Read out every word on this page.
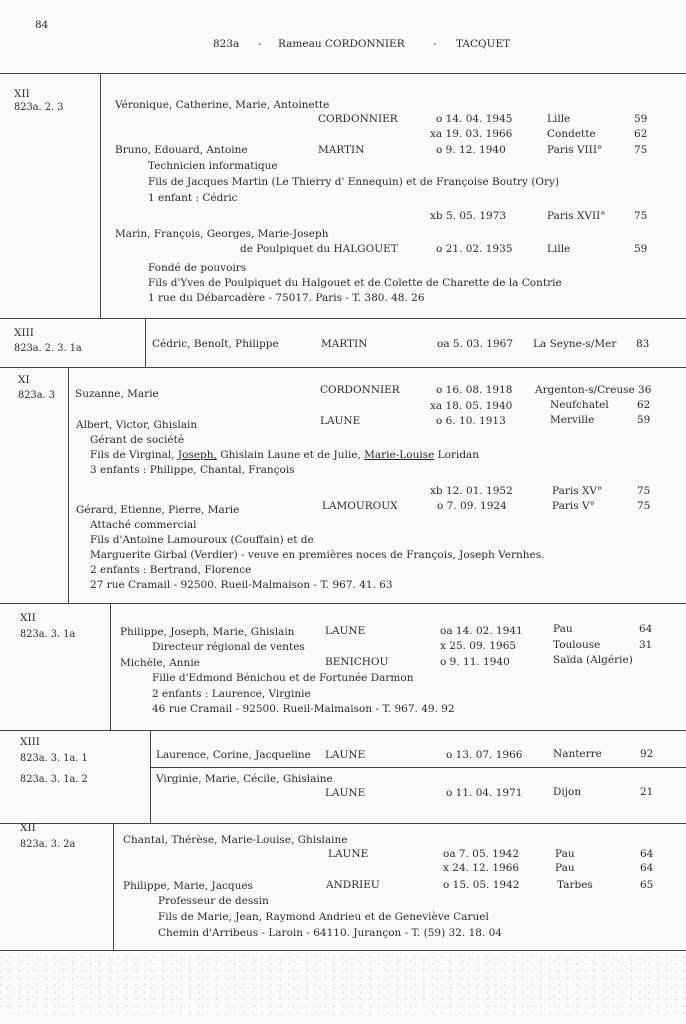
84
823a - Rameau CORDONNIER	- TACQUET
XII
823a. 2. 3	Véronique, Catherine, Marie, Antoinette
CORDONNIER	o 14. 04. 1945	Lille	59
xa 19. 03. 1966	Condette	62
Bruno, Edouard, Antoine	MARTIN	o 9. 12. 1940	Paris VIII°	75
Technicien informatique
Fils de Jacques Martin (Le Thierry d' Ennequin) et de Françoise Boutry (Ory)
1 enfant : Cédric
xb 5. 05. 1973	Paris XVII°	75
Marin, François, Georges, Marie-Joseph
de Poulpiquet du HALGOUET	o 21. 02. 1935	Lille	59
Fondé de pouvoirs
Fils d'Yves de Poulpiquet du Halgouet et de Colette de Charette de la Contrie
1 rue du Débarcadère - 75017. Paris - T. 380. 48. 26
XIII
823a. 2. 3. 1a	Cédric, Benoît, Philippe	MARTIN	oa 5. 03. 1967 La Seyne-s/Mer 83
XI
823a. 3 Suzanne, Marie	CORDONNIER	o 16. 08. 1918 Argenton-s/Creuse 36
xa 18. 05. 1940	Neufchatel	62
Albert, Victor, Ghislain	LAUNE	o 6. 10. 1913	Merville	59
Gérant de société
Fils de Virginal, Joseph, Ghislain Laune et de Julie, Marie-Louise Loridan
3 enfants : Philippe, Chantal, François
xb 12. 01. 1952	Paris XV°	75
Gérard, Etienne, Pierre, Marie	LAMOUROUX	o 7. 09. 1924	Paris V°	75
Attaché commercial
Fils d'Antoine Lamouroux (Couffain) et de
Marguerite Girbal (Verdier) - veuve en premières noces de François, Joseph Vernhes.
2 enfants : Bertrand, Florence
27 rue Cramail - 92500. Rueil-Malmaison - T. 967. 41. 63
XII
823a. 3. 1a	Philippe, Joseph, Marie, Ghislain	LAUNE	oa 14. 02. 1941	Pau	64
Directeur régional de ventes	x 25. 09. 1965	Toulouse	31
Michèle, Annie	BENICHOU	o 9. 11. 1940	Saïda (Algérie)
Fille d'Edmond Bénichou et de Fortunée Darmon
2 enfants : Laurence, Virginie
46 rue Cramail - 92500. Rueil-Malmaison - T. 967. 49. 92
XIII
823a. 3. 1a. 1	Laurence, Corine, Jacqueline LAUNE	o 13. 07. 1966	Nanterre	92
823a. 3. 1a. 2	Virginie, Marie, Cécile, Ghislaine
LAUNE	o 11. 04. 1971	Dijon	21
XII
823a. 3. 2a	Chantal, Thérèse, Marie-Louise, Ghislaine
LAUNE	oa 7. 05. 1942	Pau	64
x 24. 12. 1966	Pau	64
Philippe, Marie, Jacques	ANDRIEU	o 15. 05. 1942	Tarbes	65
Professeur de dessin
Fils de Marie, Jean, Raymond Andrieu et de Geneviève Caruel
Chemin d'Arribeus - Laroin - 64110. Jurançon - T. (59) 32. 18. 04
